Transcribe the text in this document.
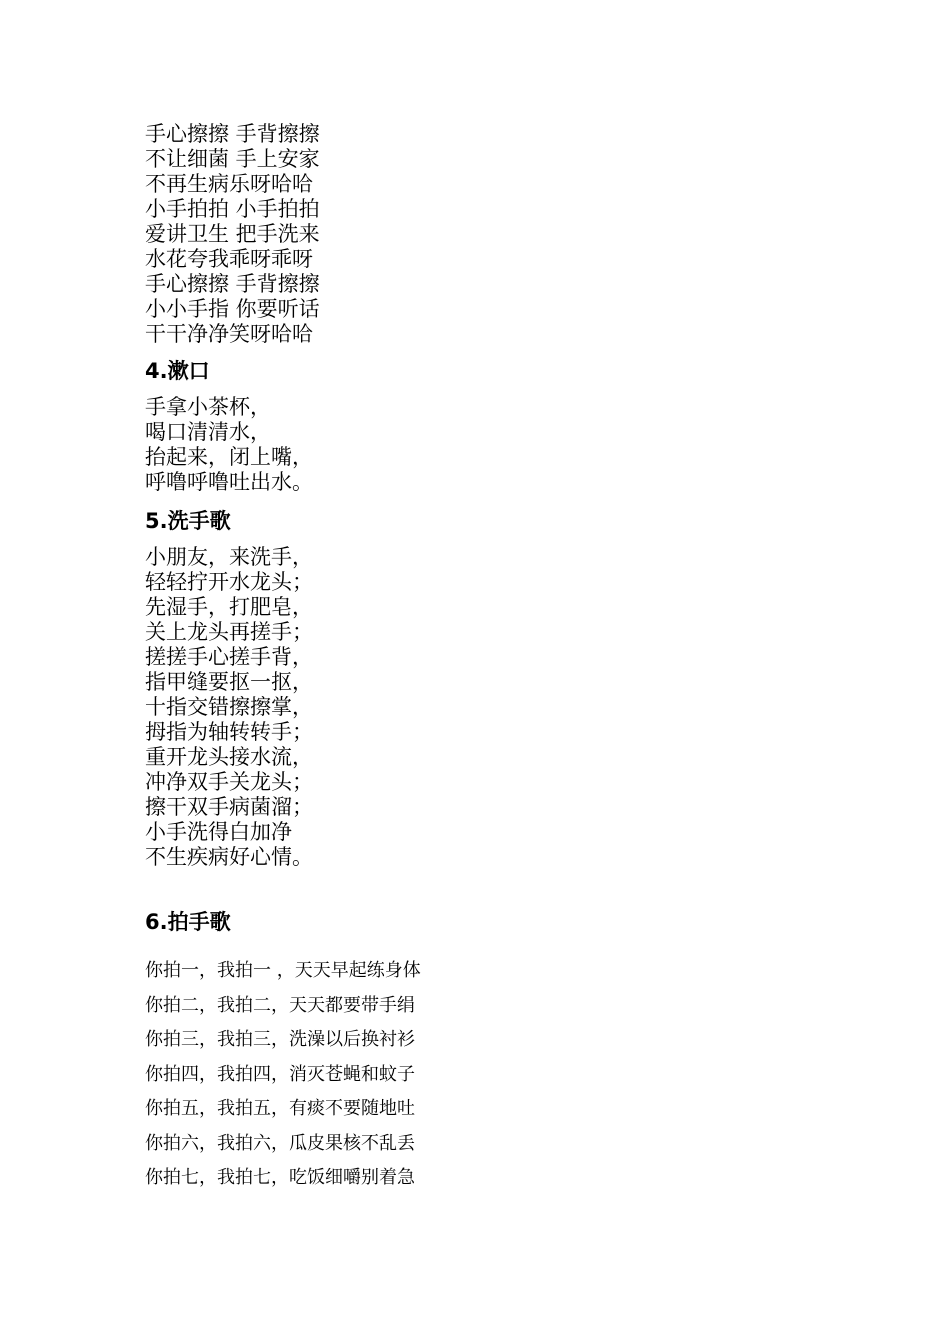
手心擦擦 手背擦擦
不让细菌 手上安家
不再生病乐呀哈哈
小手拍拍 小手拍拍
爱讲卫生 把手洗来
水花夸我乖呀乖呀
手心擦擦 手背擦擦
小小手指 你要听话
干干净净笑呀哈哈
4.漱口
手拿小茶杯，
喝口清清水，
抬起来，闭上嘴，
呼噜呼噜吐出水。
5.洗手歌
小朋友，来洗手，
轻轻拧开水龙头；
先湿手，打肥皂，
关上龙头再搓手；
搓搓手心搓手背，
指甲缝要抠一抠，
十指交错擦擦掌，
拇指为轴转转手；
重开龙头接水流，
冲净双手关龙头；
擦干双手病菌溜；
小手洗得白加净
不生疾病好心情。
6.拍手歌
你拍一，我拍一 ，天天早起练身体
你拍二，我拍二，天天都要带手绢
你拍三，我拍三，洗澡以后换衬衫
你拍四，我拍四，消灭苍蝇和蚊子
你拍五，我拍五，有痰不要随地吐
你拍六，我拍六，瓜皮果核不乱丢
你拍七，我拍七，吃饭细嚼别着急
